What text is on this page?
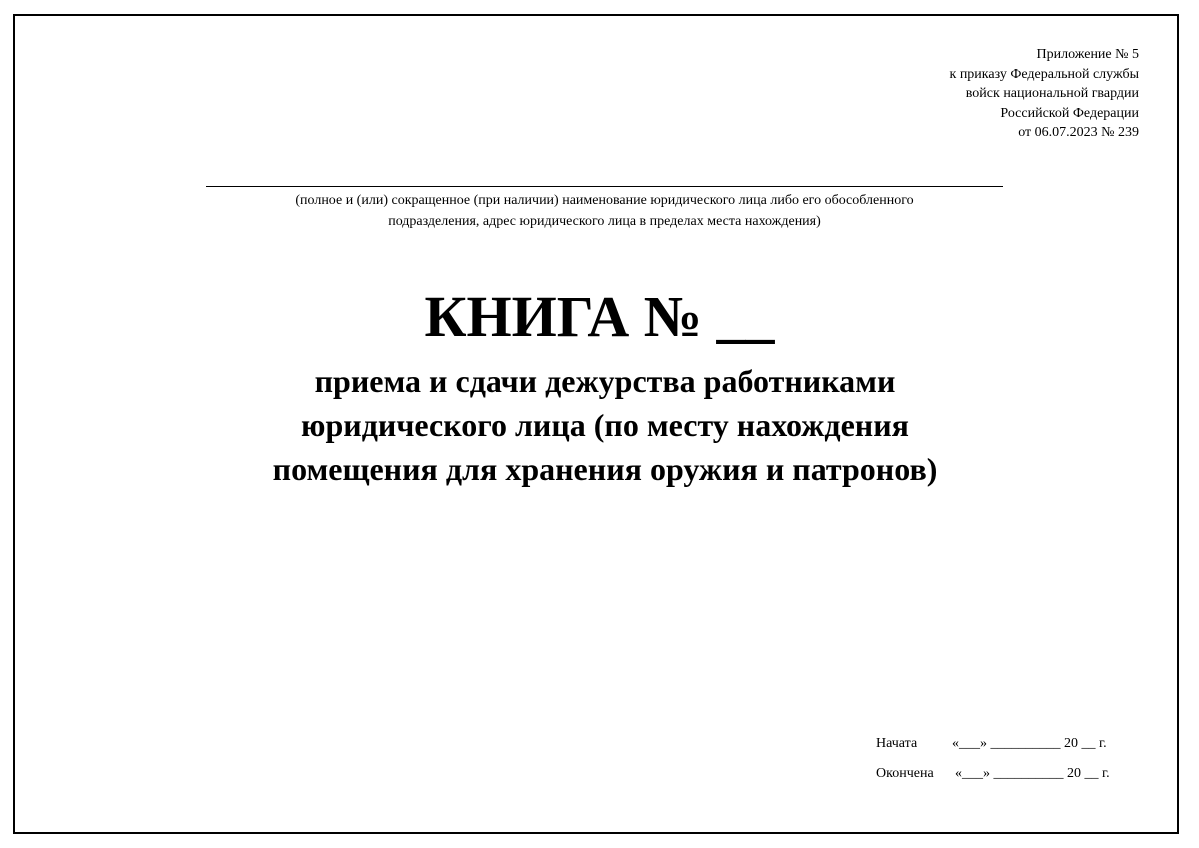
Приложение № 5
к приказу Федеральной службы
войск национальной гвардии
Российской Федерации
от 06.07.2023 № 239
(полное и (или) сокращенное (при наличии) наименование юридического лица либо его обособленного
подразделения, адрес юридического лица в пределах места нахождения)
КНИГА № __
приема и сдачи дежурства работниками
юридического лица (по месту нахождения
помещения для хранения оружия и патронов)
Начата	«___» __________ 20 __ г.
Окончена	«___» __________ 20 __ г.
